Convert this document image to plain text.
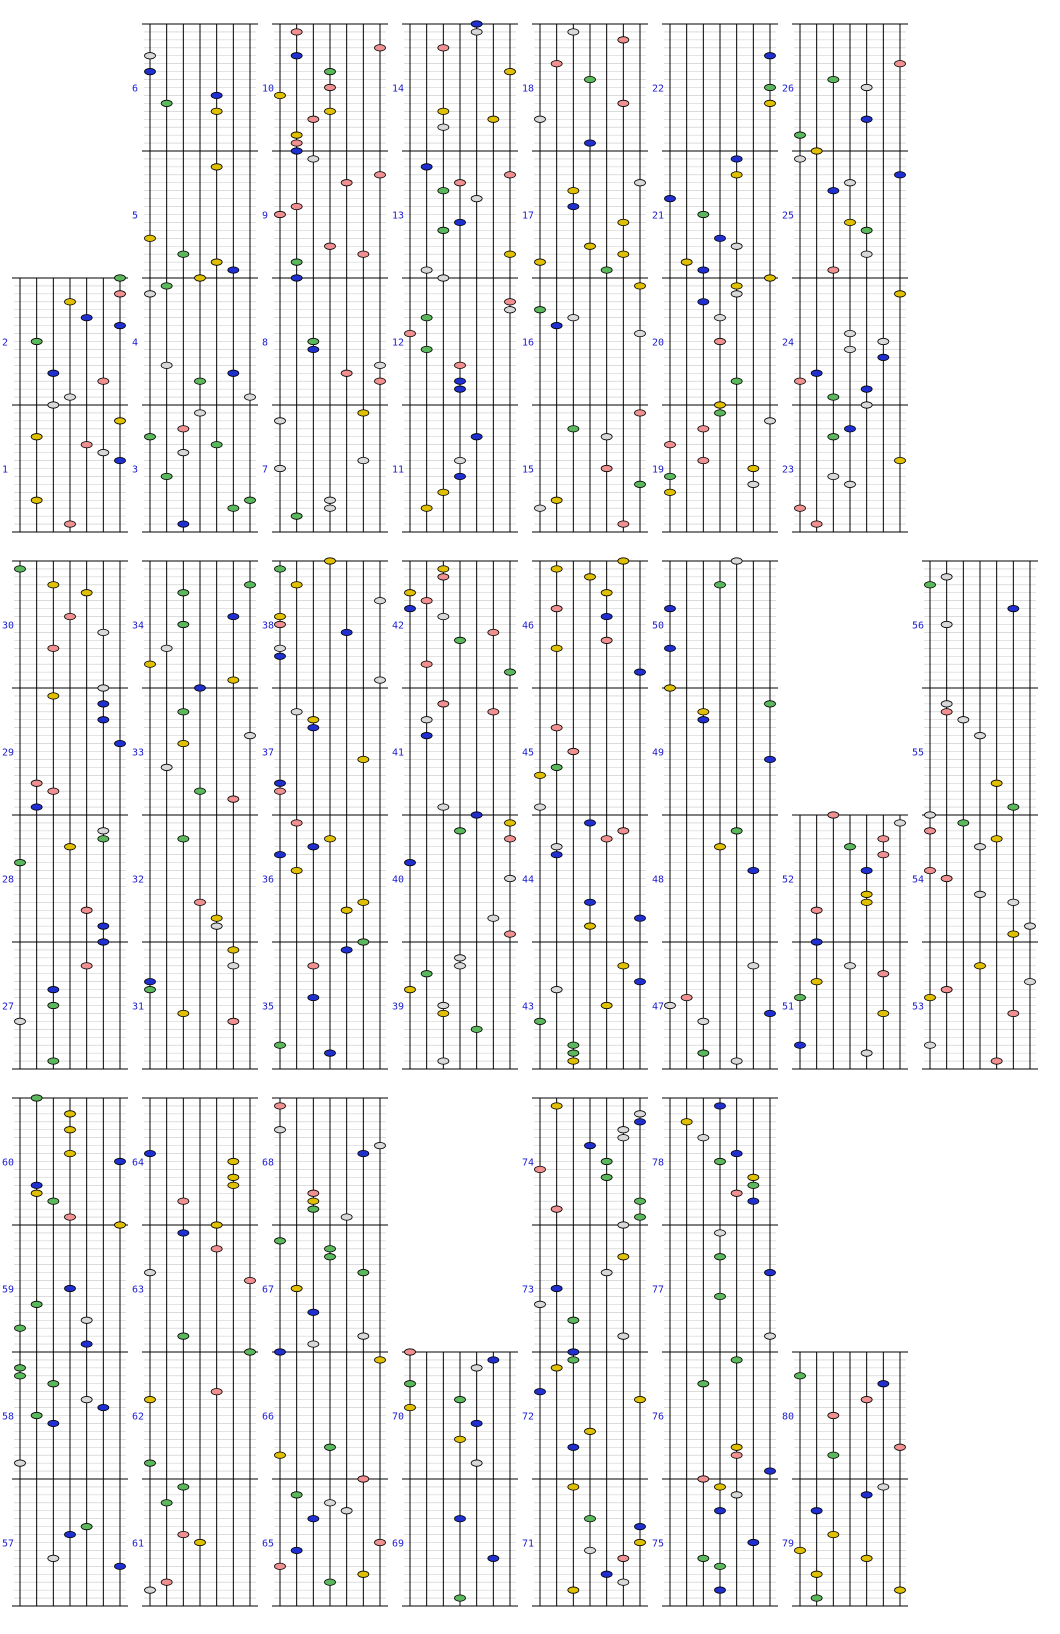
2
1
30
29
28
27
60
59
58
57
6
5
4
3
34
33
32
31
64
63
62
61
10
9
8
7
38
37
36
35
68
67
66
65
14
13
12
11
42
41
40
39
70
69
18
17
16
15
46
45
44
43
74
73
72
71
22
21
20
19
50
49
48
47
78
77
76
75
26
25
24
23
52
51
80
79
56
55
54
53
